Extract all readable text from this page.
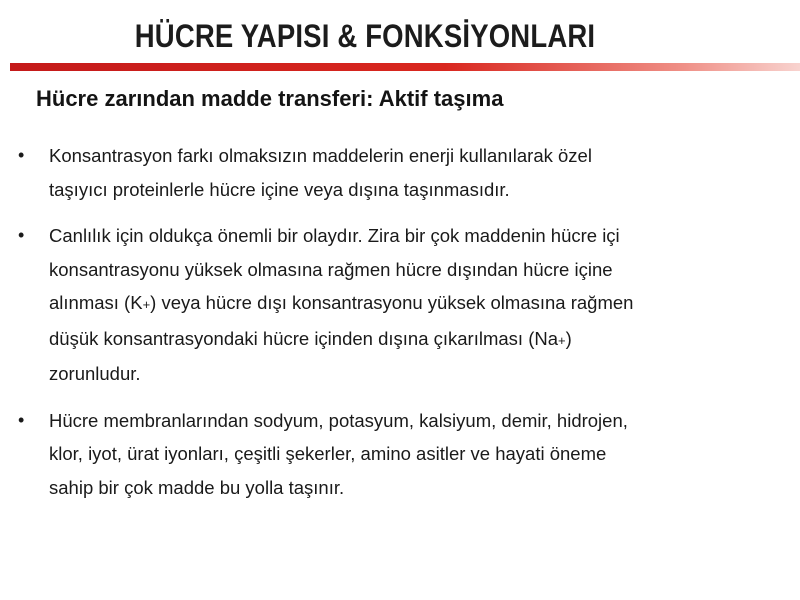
HÜCRE YAPISI & FONKSİYONLARI
Hücre zarından madde transferi: Aktif taşıma
• Konsantrasyon farkı olmaksızın maddelerin enerji kullanılarak özel
taşıyıcı proteinlerle hücre içine veya dışına taşınmasıdır.
• Canlılık için oldukça önemli bir olaydır. Zira bir çok maddenin hücre içi
konsantrasyonu yüksek olmasına rağmen hücre dışından hücre içine
alınması (K+) veya hücre dışı konsantrasyonu yüksek olmasına rağmen
düşük konsantrasyondaki hücre içinden dışına çıkarılması (Na+)
zorunludur.
• Hücre membranlarından sodyum, potasyum, kalsiyum, demir, hidrojen,
klor, iyot, ürat iyonları, çeşitli şekerler, amino asitler ve hayati öneme
sahip bir çok madde bu yolla taşınır.
